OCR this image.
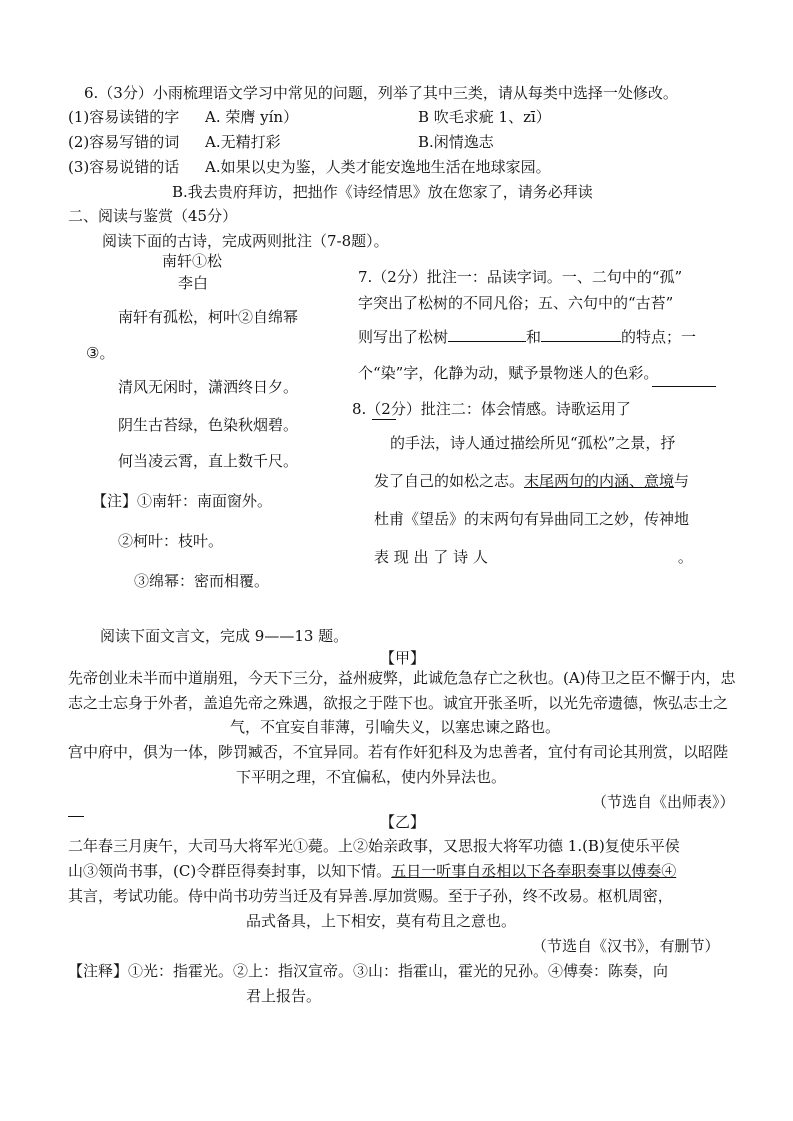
6.（3分）小雨梳理语文学习中常见的问题，列举了其中三类，请从每类中选择一处修改。
(1)容易读错的字 A. 荣膺 yín）	B 吹毛求疵 1、zī）
(2)容易写错的词 A.无精打彩	B.闲情逸志
(3)容易说错的话 A.如果以史为鉴，人类才能安逸地生活在地球家园。
B.我去贵府拜访，把拙作《诗经情思》放在您家了，请务必拜读
二、阅读与鉴赏（45分）
阅读下面的古诗，完成两则批注（7-8题）。
南轩①松
李白
南轩有孤松，柯叶②自绵幂
③。
清风无闲时，潇洒终日夕。
阴生古苔绿，色染秋烟碧。
何当凌云霄，直上数千尺。
【注】①南轩：南面窗外。
②柯叶：枝叶。
③绵幂：密而相覆。
7.（2分）批注一：品读字词。一、二句中的“孤”
字突出了松树的不同凡俗；五、六句中的“古苔”
则写出了松树	和	的特点；一
个“染”字，化静为动，赋予景物迷人的色彩。
8.（2分）批注二：体会情感。诗歌运用了
的手法，诗人通过描绘所见“孤松”之景，抒
发了自己的如松之志。末尾两句的内涵、意境与
杜甫《望岳》的末两句有异曲同工之妙，传神地
表 现 出 了 诗 人	。
阅读下面文言文，完成 9——13 题。
【甲】
先帝创业未半而中道崩殂，今天下三分，益州疲弊，此诚危急存亡之秋也。(A)侍卫之臣不懈于内，忠
志之士忘身于外者，盖追先帝之殊遇，欲报之于陛下也。诚宜开张圣听，以光先帝遗德，恢弘志士之
气，不宜妄自菲薄，引喻失义，以塞忠谏之路也。
宫中府中，俱为一体，陟罚臧否，不宜异同。若有作奸犯科及为忠善者，宜付有司论其刑赏，以昭陛
下平明之理，不宜偏私，使内外异法也。
（节选自《出师表》）
【乙】
二年春三月庚午，大司马大将军光①薨。上②始亲政事，又思报大将军功德 1.(B)复使乐平侯
山③领尚书事，(C)令群臣得奏封事，以知下情。五日一听事自丞相以下各奉职奏事以傅奏④
其言，考试功能。侍中尚书功劳当迁及有异善.厚加赏赐。至于子孙，终不改易。枢机周密，
品式备具，上下相安，莫有苟且之意也。
（节选自《汉书》，有删节）
【注释】①光：指霍光。②上：指汉宣帝。③山：指霍山，霍光的兄孙。④傅奏：陈奏，向
君上报告。
